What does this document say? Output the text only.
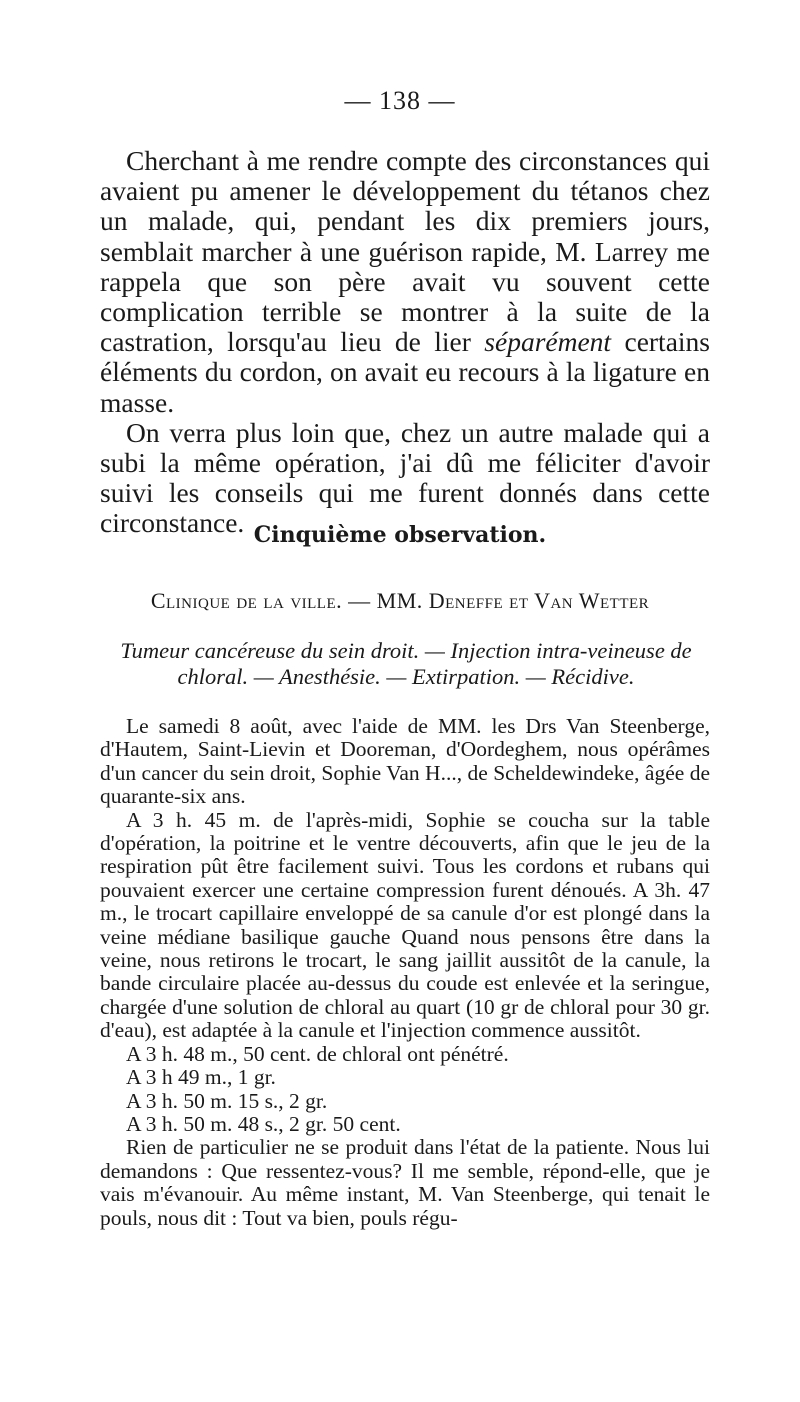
— 138 —

Cherchant à me rendre compte des circonstances qui avaient pu amener le développement du tétanos chez un malade, qui, pendant les dix premiers jours, semblait marcher à une guérison rapide, M. Larrey me rappela que son père avait vu souvent cette complication terrible se montrer à la suite de la castration, lorsqu'au lieu de lier séparément certains éléments du cordon, on avait eu recours à la ligature en masse.

On verra plus loin que, chez un autre malade qui a subi la même opération, j'ai dû me féliciter d'avoir suivi les conseils qui me furent donnés dans cette circonstance. Cinquième observation.
Clinique de la ville. — MM. Deneffe et Van Wetter
Tumeur cancéreuse du sein droit. — Injection intra-veineuse de chloral. — Anesthésie. — Extirpation. — Récidive.

Le samedi 8 août, avec l'aide de MM. les Drs Van Steenberge, d'Hautem, Saint-Lievin et Dooreman, d'Oordeghem, nous opérâmes d'un cancer du sein droit, Sophie Van H..., de Scheldewindeke, âgée de quarante-six ans.

A 3 h. 45 m. de l'après-midi, Sophie se coucha sur la table d'opération, la poitrine et le ventre découverts, afin que le jeu de la respiration pût être facilement suivi. Tous les cordons et rubans qui pouvaient exercer une certaine compression furent dénoués. A 3h. 47 m., le trocart capillaire enveloppé de sa canule d'or est plongé dans la veine médiane basilique gauche Quand nous pensons être dans la veine, nous retirons le trocart, le sang jaillit aussitôt de la canule, la bande circulaire placée au-dessus du coude est enlevée et la seringue, chargée d'une solution de chloral au quart (10 gr de chloral pour 30 gr. d'eau), est adaptée à la canule et l'injection commence aussitôt.

A 3 h. 48 m., 50 cent. de chloral ont pénétré.

A 3 h 49 m., 1 gr.

A 3 h. 50 m. 15 s., 2 gr.

A 3 h. 50 m. 48 s., 2 gr. 50 cent.

Rien de particulier ne se produit dans l'état de la patiente. Nous lui demandons : Que ressentez-vous? Il me semble, répond-elle, que je vais m'évanouir. Au même instant, M. Van Steenberge, qui tenait le pouls, nous dit : Tout va bien, pouls régu-
